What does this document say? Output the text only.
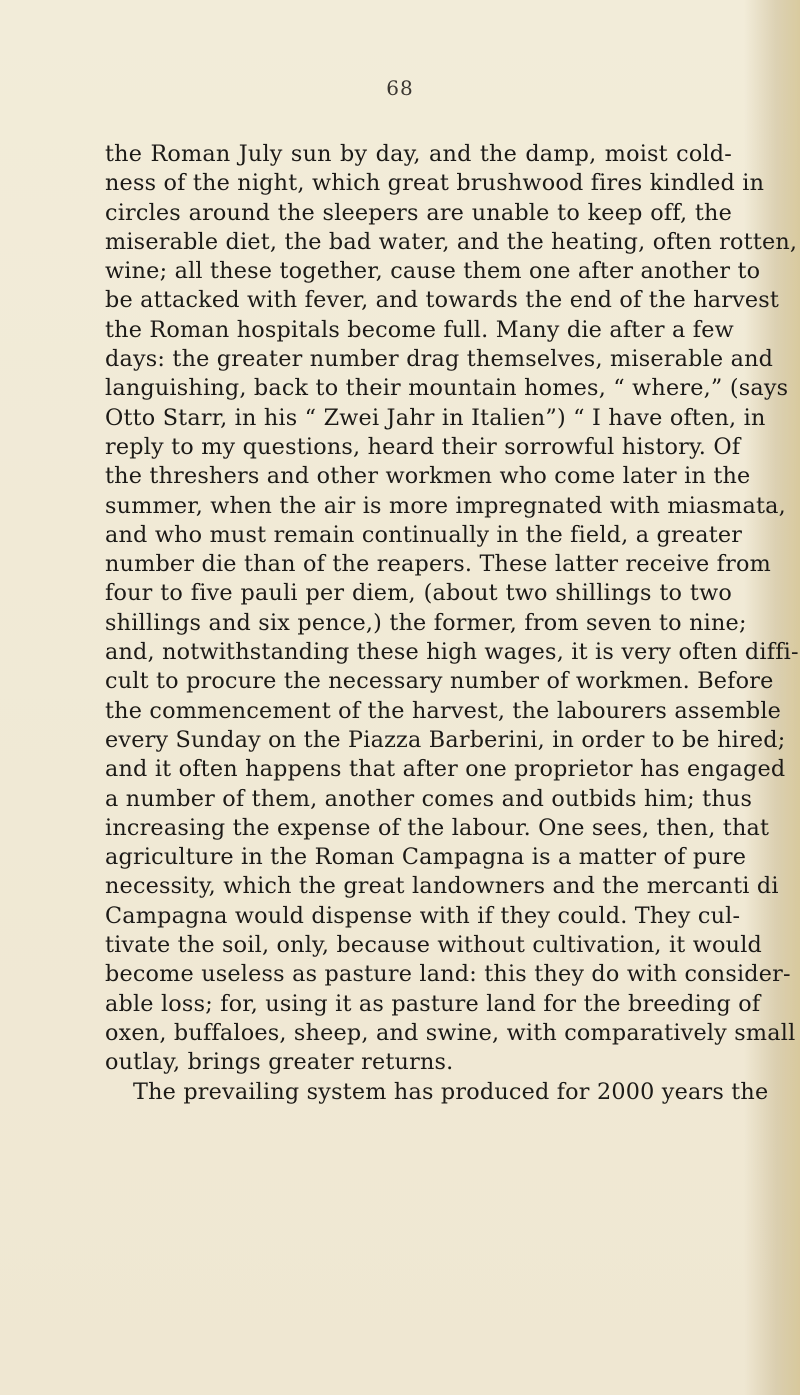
68
the Roman July sun by day, and the damp, moist cold-
ness of the night, which great brushwood fires kindled in
circles around the sleepers are unable to keep off, the
miserable diet, the bad water, and the heating, often rotten,
wine; all these together, cause them one after another to
be attacked with fever, and towards the end of the harvest
the Roman hospitals become full. Many die after a few
days: the greater number drag themselves, miserable and
languishing, back to their mountain homes, “ where,” (says
Otto Starr, in his “ Zwei Jahr in Italien”) “ I have often, in
reply to my questions, heard their sorrowful history. Of
the threshers and other workmen who come later in the
summer, when the air is more impregnated with miasmata,
and who must remain continually in the field, a greater
number die than of the reapers. These latter receive from
four to five pauli per diem, (about two shillings to two
shillings and six pence,) the former, from seven to nine;
and, notwithstanding these high wages, it is very often diffi-
cult to procure the necessary number of workmen. Before
the commencement of the harvest, the labourers assemble
every Sunday on the Piazza Barberini, in order to be hired;
and it often happens that after one proprietor has engaged
a number of them, another comes and outbids him; thus
increasing the expense of the labour. One sees, then, that
agriculture in the Roman Campagna is a matter of pure
necessity, which the great landowners and the mercanti di
Campagna would dispense with if they could. They cul-
tivate the soil, only, because without cultivation, it would
become useless as pasture land: this they do with consider-
able loss; for, using it as pasture land for the breeding of
oxen, buffaloes, sheep, and swine, with comparatively small
outlay, brings greater returns.
The prevailing system has produced for 2000 years the
